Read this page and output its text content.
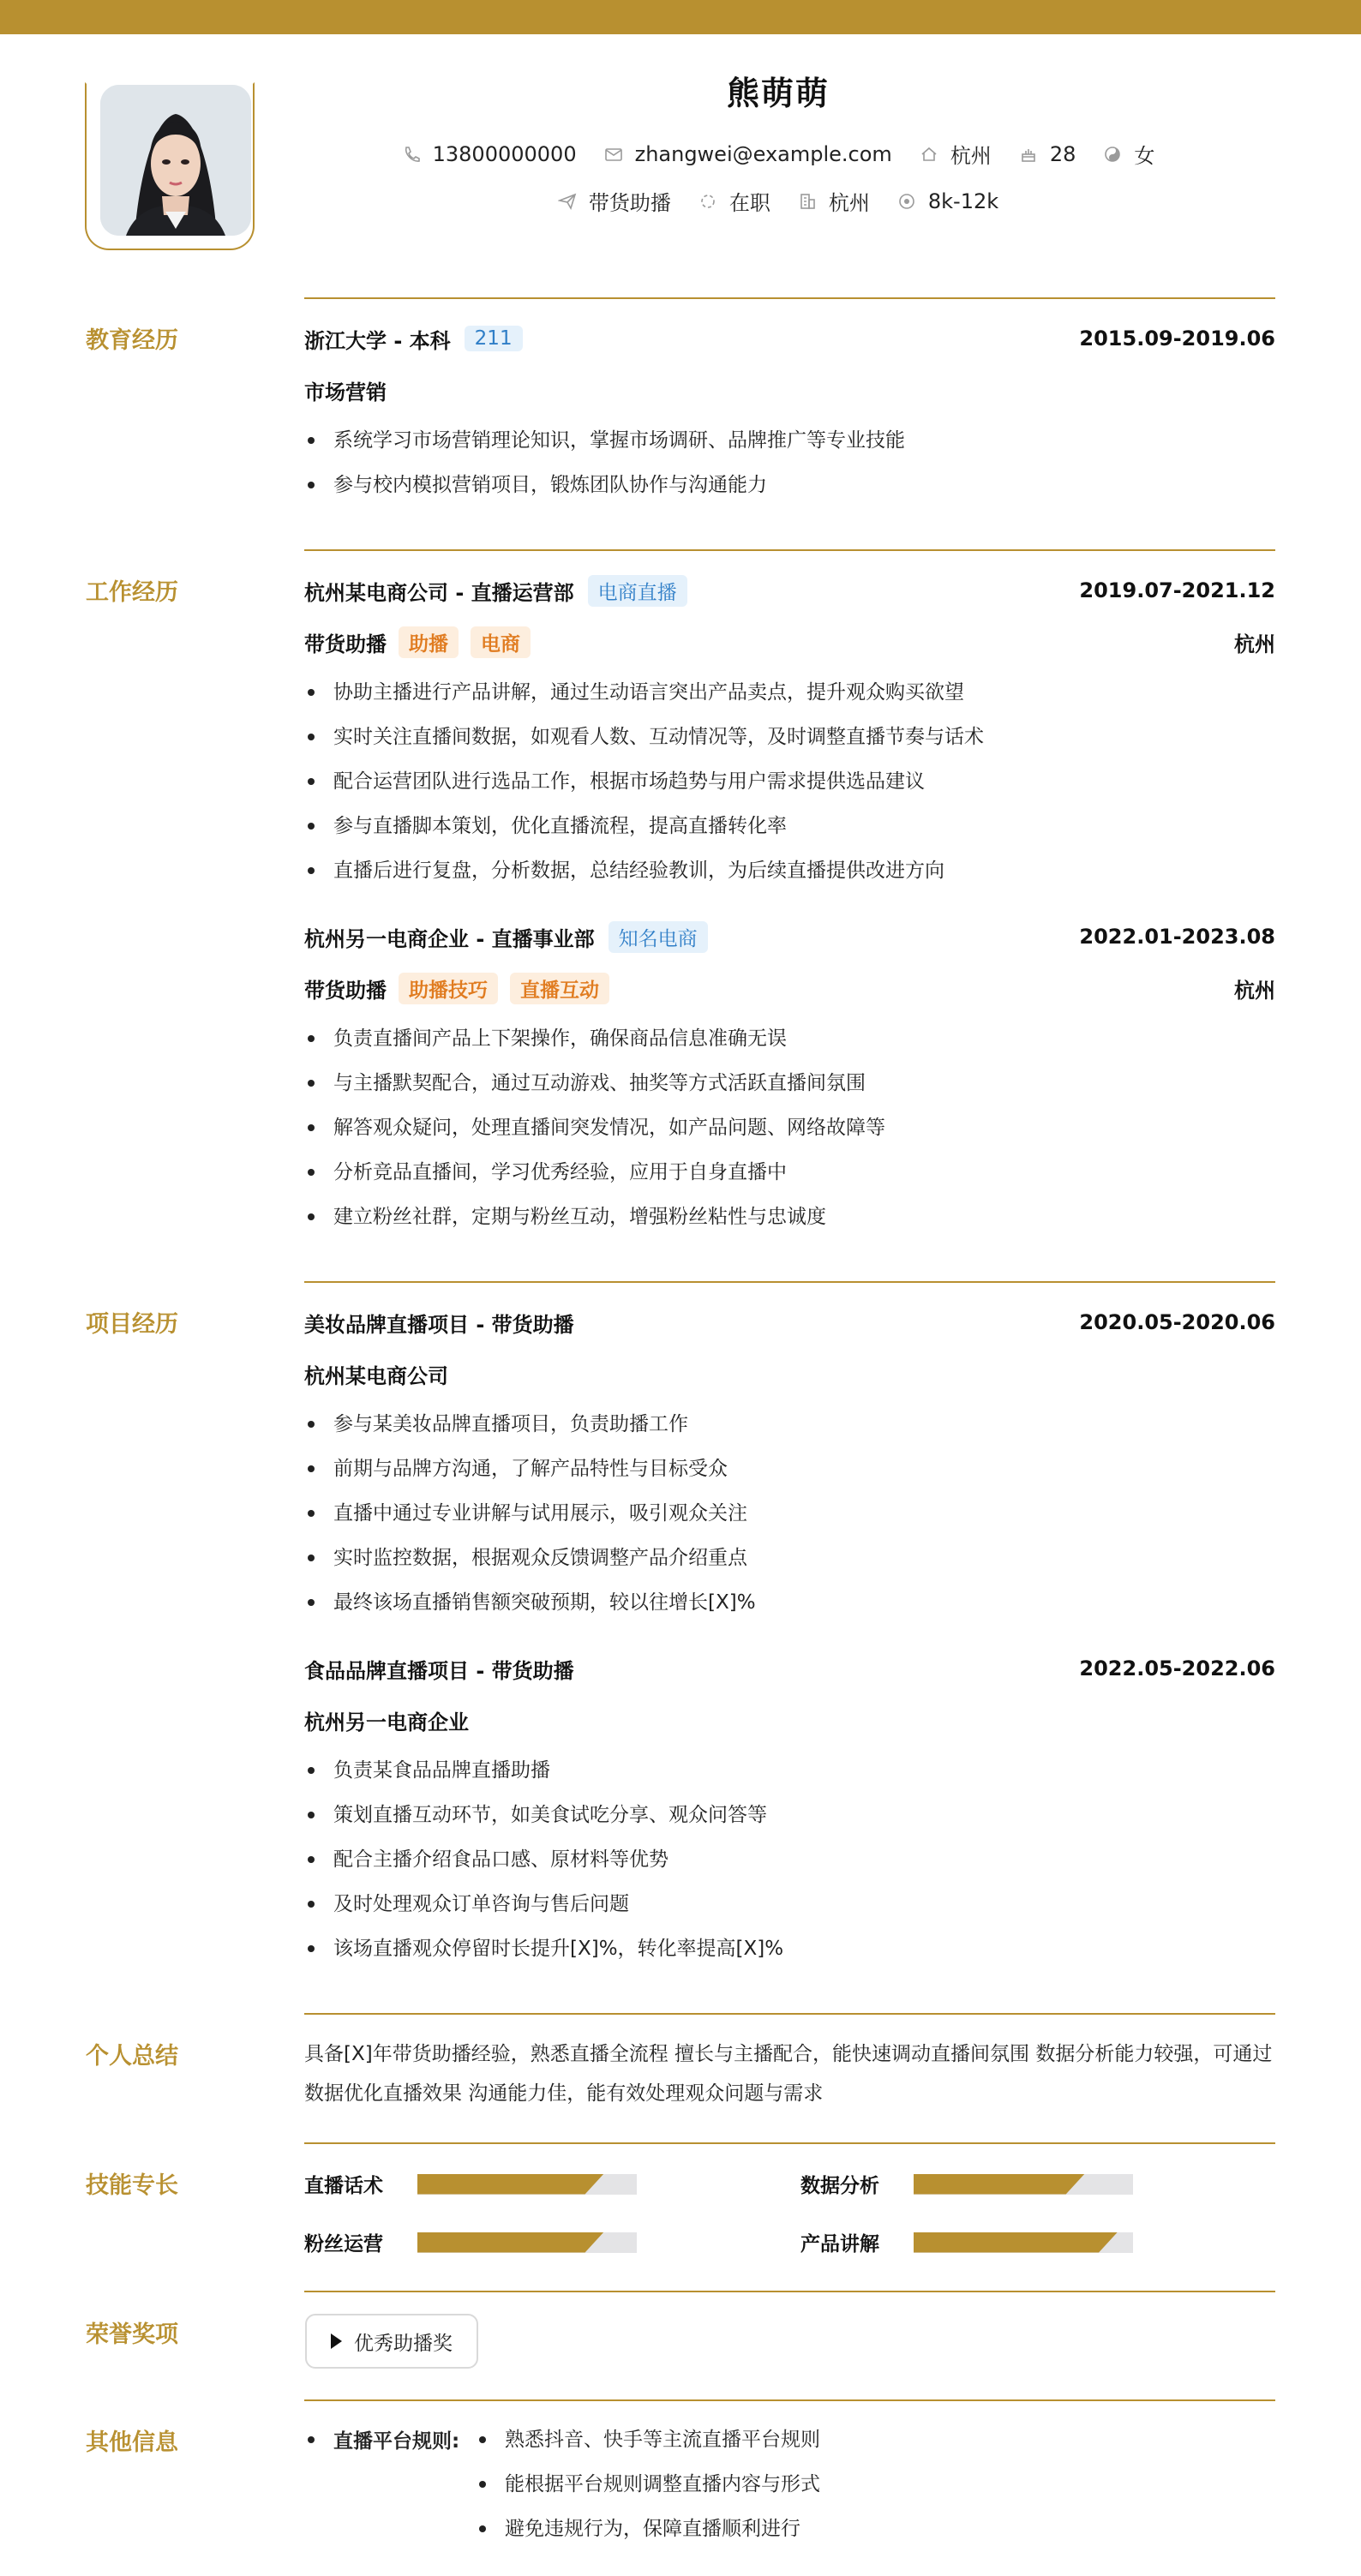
熊萌萌
13800000000	zhangwei@example.com	杭州	28	女
带货助播	在职	杭州	8k-12k
教育经历	浙江大学 - 本科	211	2015.09-2019.06
市场营销
系统学习市场营销理论知识，掌握市场调研、品牌推广等专业技能
参与校内模拟营销项目，锻炼团队协作与沟通能力
工作经历	杭州某电商公司 - 直播运营部	电商直播	2019.07-2021.12
带货助播	助播	电商	杭州
协助主播进行产品讲解，通过生动语言突出产品卖点，提升观众购买欲望
实时关注直播间数据，如观看人数、互动情况等，及时调整直播节奏与话术
配合运营团队进行选品工作，根据市场趋势与用户需求提供选品建议
参与直播脚本策划，优化直播流程，提高直播转化率
直播后进行复盘，分析数据，总结经验教训，为后续直播提供改进方向
杭州另一电商企业 - 直播事业部	知名电商	2022.01-2023.08
带货助播	助播技巧	直播互动	杭州
负责直播间产品上下架操作，确保商品信息准确无误
与主播默契配合，通过互动游戏、抽奖等方式活跃直播间氛围
解答观众疑问，处理直播间突发情况，如产品问题、网络故障等
分析竞品直播间，学习优秀经验，应用于自身直播中
建立粉丝社群，定期与粉丝互动，增强粉丝粘性与忠诚度
项目经历	美妆品牌直播项目 - 带货助播	2020.05-2020.06
杭州某电商公司
参与某美妆品牌直播项目，负责助播工作
前期与品牌方沟通，了解产品特性与目标受众
直播中通过专业讲解与试用展示，吸引观众关注
实时监控数据，根据观众反馈调整产品介绍重点
最终该场直播销售额突破预期，较以往增长[X]%
食品品牌直播项目 - 带货助播	2022.05-2022.06
杭州另一电商企业
负责某食品品牌直播助播
策划直播互动环节，如美食试吃分享、观众问答等
配合主播介绍食品口感、原材料等优势
及时处理观众订单咨询与售后问题
该场直播观众停留时长提升[X]%，转化率提高[X]%
个人总结	具备[X]年带货助播经验，熟悉直播全流程 擅长与主播配合，能快速调动直播间氛围 数据分析能力较强，可通过数据优化直播效果 沟通能力佳，能有效处理观众问题与需求
技能专长	直播话术	数据分析
粉丝运营	产品讲解
荣誉奖项	优秀助播奖
其他信息	直播平台规则:	熟悉抖音、快手等主流直播平台规则
能根据平台规则调整直播内容与形式
避免违规行为，保障直播顺利进行
